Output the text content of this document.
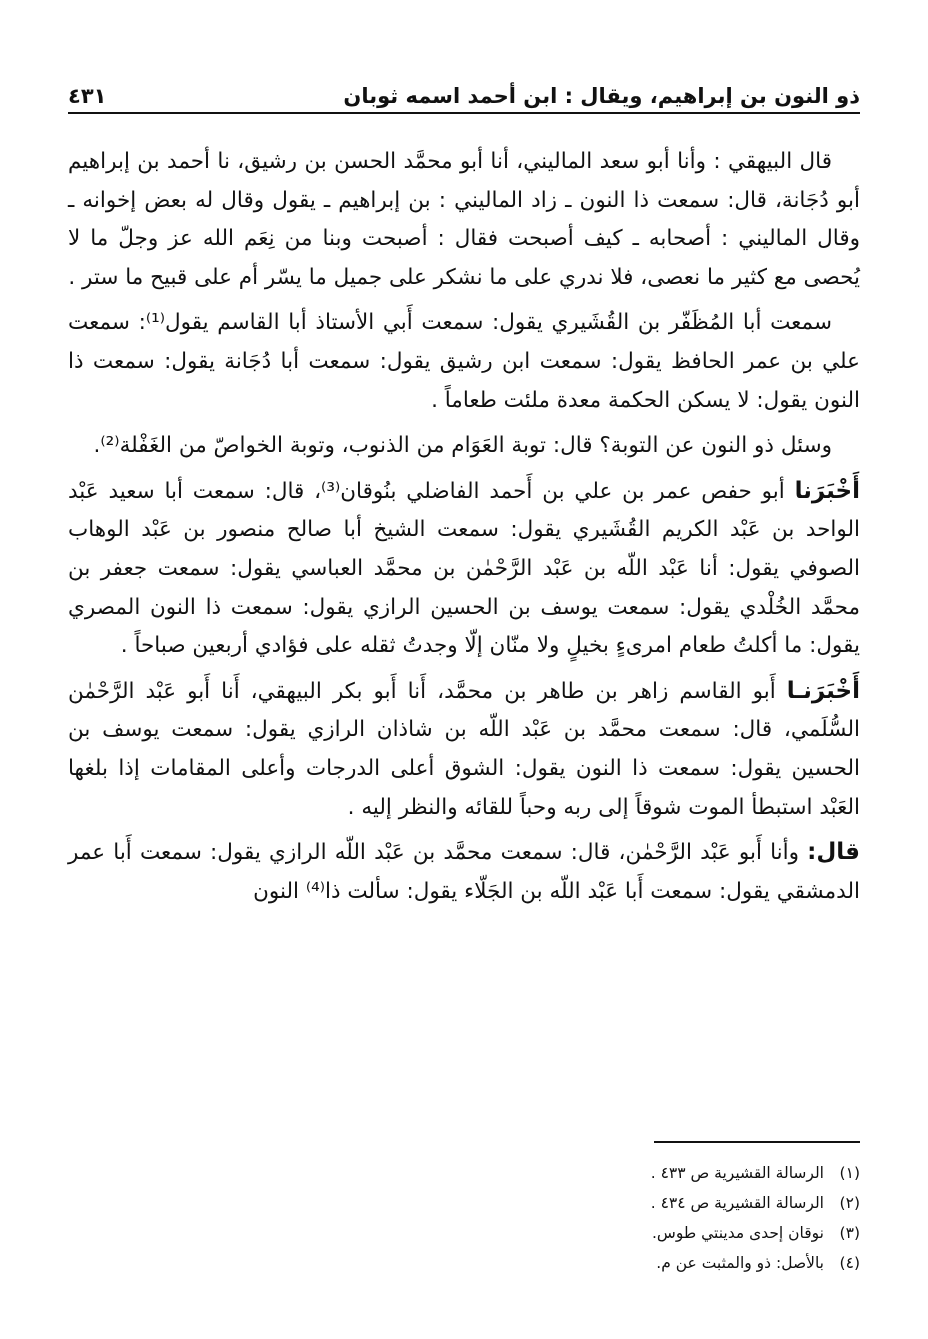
ذو النون بن إبراهيم، ويقال : ابن أحمد اسمه ثوبان
٤٣١

قال البيهقي : وأنا أبو سعد الماليني، أنا أبو محمَّد الحسن بن رشيق، نا أحمد بن إبراهيم أبو دُجَانة، قال: سمعت ذا النون ـ زاد الماليني : بن إبراهيم ـ يقول وقال له بعض إخوانه ـ وقال الماليني : أصحابه ـ كيف أصبحت فقال : أصبحت وبنا من نِعَم الله عز وجلّ ما لا يُحصى مع كثير ما نعصى، فلا ندري على ما نشكر على جميل ما يسّر أم على قبيح ما ستر .

سمعت أبا المُظَفّر بن القُشَيري يقول: سمعت أَبي الأستاذ أبا القاسم يقول⁽¹⁾: سمعت علي بن عمر الحافظ يقول: سمعت ابن رشيق يقول: سمعت أبا دُجَانة يقول: سمعت ذا النون يقول: لا يسكن الحكمة معدة ملئت طعاماً .

وسئل ذو النون عن التوبة؟ قال: توبة العَوَام من الذنوب، وتوبة الخواصّ من الغَفْلة⁽²⁾.

أَخْبَرَنا أبو حفص عمر بن علي بن أَحمد الفاضلي بنُوقان⁽³⁾، قال: سمعت أبا سعيد عَبْد الواحد بن عَبْد الكريم القُشَيري يقول: سمعت الشيخ أبا صالح منصور بن عَبْد الوهاب الصوفي يقول: أنا عَبْد اللّه بن عَبْد الرَّحْمٰن بن محمَّد العباسي يقول: سمعت جعفر بن محمَّد الخُلْدي يقول: سمعت يوسف بن الحسين الرازي يقول: سمعت ذا النون المصري يقول: ما أكلتُ طعام امرىءٍ بخيلٍ ولا منّان إلّا وجدتُ ثقله على فؤادي أربعين صباحاً .

أَخْبَرَنـا أَبو القاسم زاهر بن طاهر بن محمَّد، أَنا أَبو بكر البيهقي، أَنا أَبو عَبْد الرَّحْمٰن السُّلَمي، قال: سمعت محمَّد بن عَبْد اللّه بن شاذان الرازي يقول: سمعت يوسف بن الحسين يقول: سمعت ذا النون يقول: الشوق أعلى الدرجات وأعلى المقامات إذا بلغها العَبْد استبطأ الموت شوقاً إلى ربه وحباً للقائه والنظر إليه .

قال: وأنا أَبو عَبْد الرَّحْمٰن، قال: سمعت محمَّد بن عَبْد اللّه الرازي يقول: سمعت أَبا عمر الدمشقي يقول: سمعت أَبا عَبْد اللّه بن الجَلّاء يقول: سألت ذا⁽⁴⁾ النون

(١)
الرسالة القشيرية ص ٤٣٣ .
(٢)
الرسالة القشيرية ص ٤٣٤ .
(٣)
نوقان إحدى مدينتي طوس.
(٤)
بالأصل: ذو والمثبت عن م.
